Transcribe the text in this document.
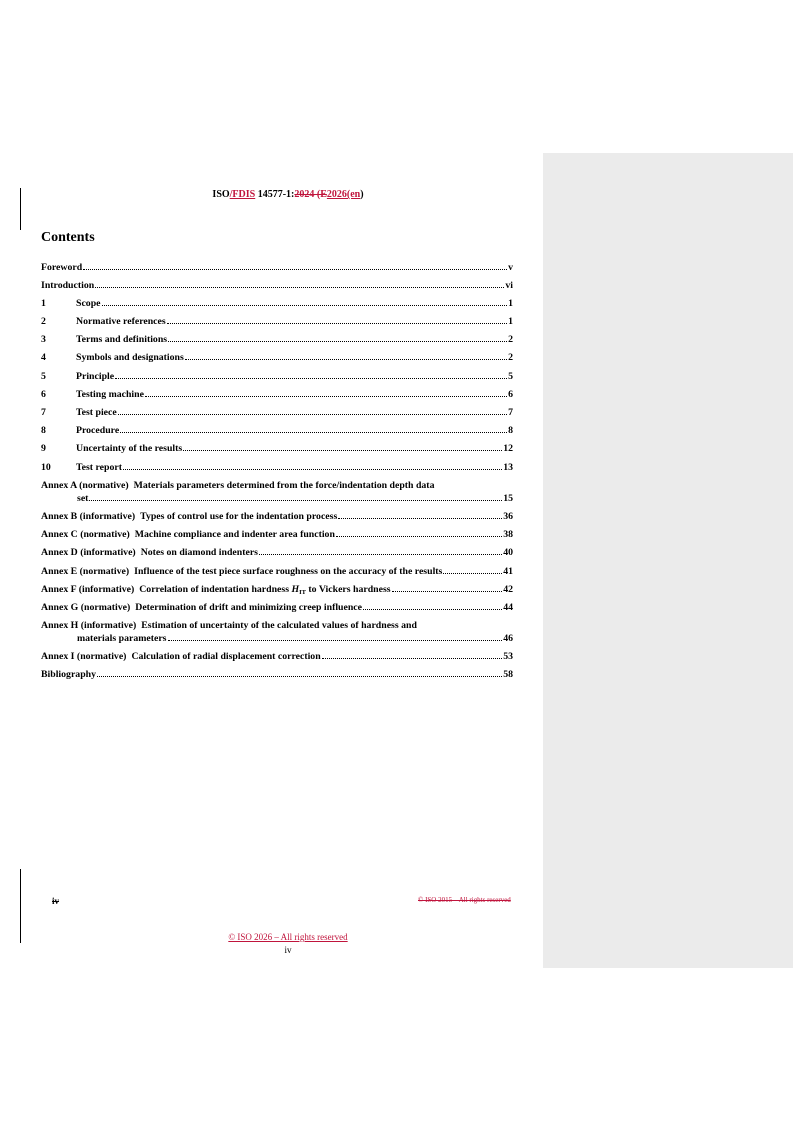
ISO/FDIS 14577-1:2024 (E2026(en)
Contents
Foreword	v
Introduction	vi
1	Scope	1
2	Normative references	1
3	Terms and definitions	2
4	Symbols and designations	2
5	Principle	5
6	Testing machine	6
7	Test piece	7
8	Procedure	8
9	Uncertainty of the results	12
10	Test report	13
Annex A (normative) Materials parameters determined from the force/indentation depth data
set	15
Annex B (informative) Types of control use for the indentation process	36
Annex C (normative) Machine compliance and indenter area function	38
Annex D (informative) Notes on diamond indenters	40
Annex E (normative) Influence of the test piece surface roughness on the accuracy of the results	41
Annex F (informative) Correlation of indentation hardness $H_{IT}$ to Vickers hardness	42
Annex G (normative) Determination of drift and minimizing creep influence	44
Annex H (informative) Estimation of uncertainty of the calculated values of hardness and
materials parameters	46
Annex I (normative) Calculation of radial displacement correction	53
Bibliography	58
iv	© ISO 2015 – All rights reserved
© ISO 2026 – All rights reserved
iv
